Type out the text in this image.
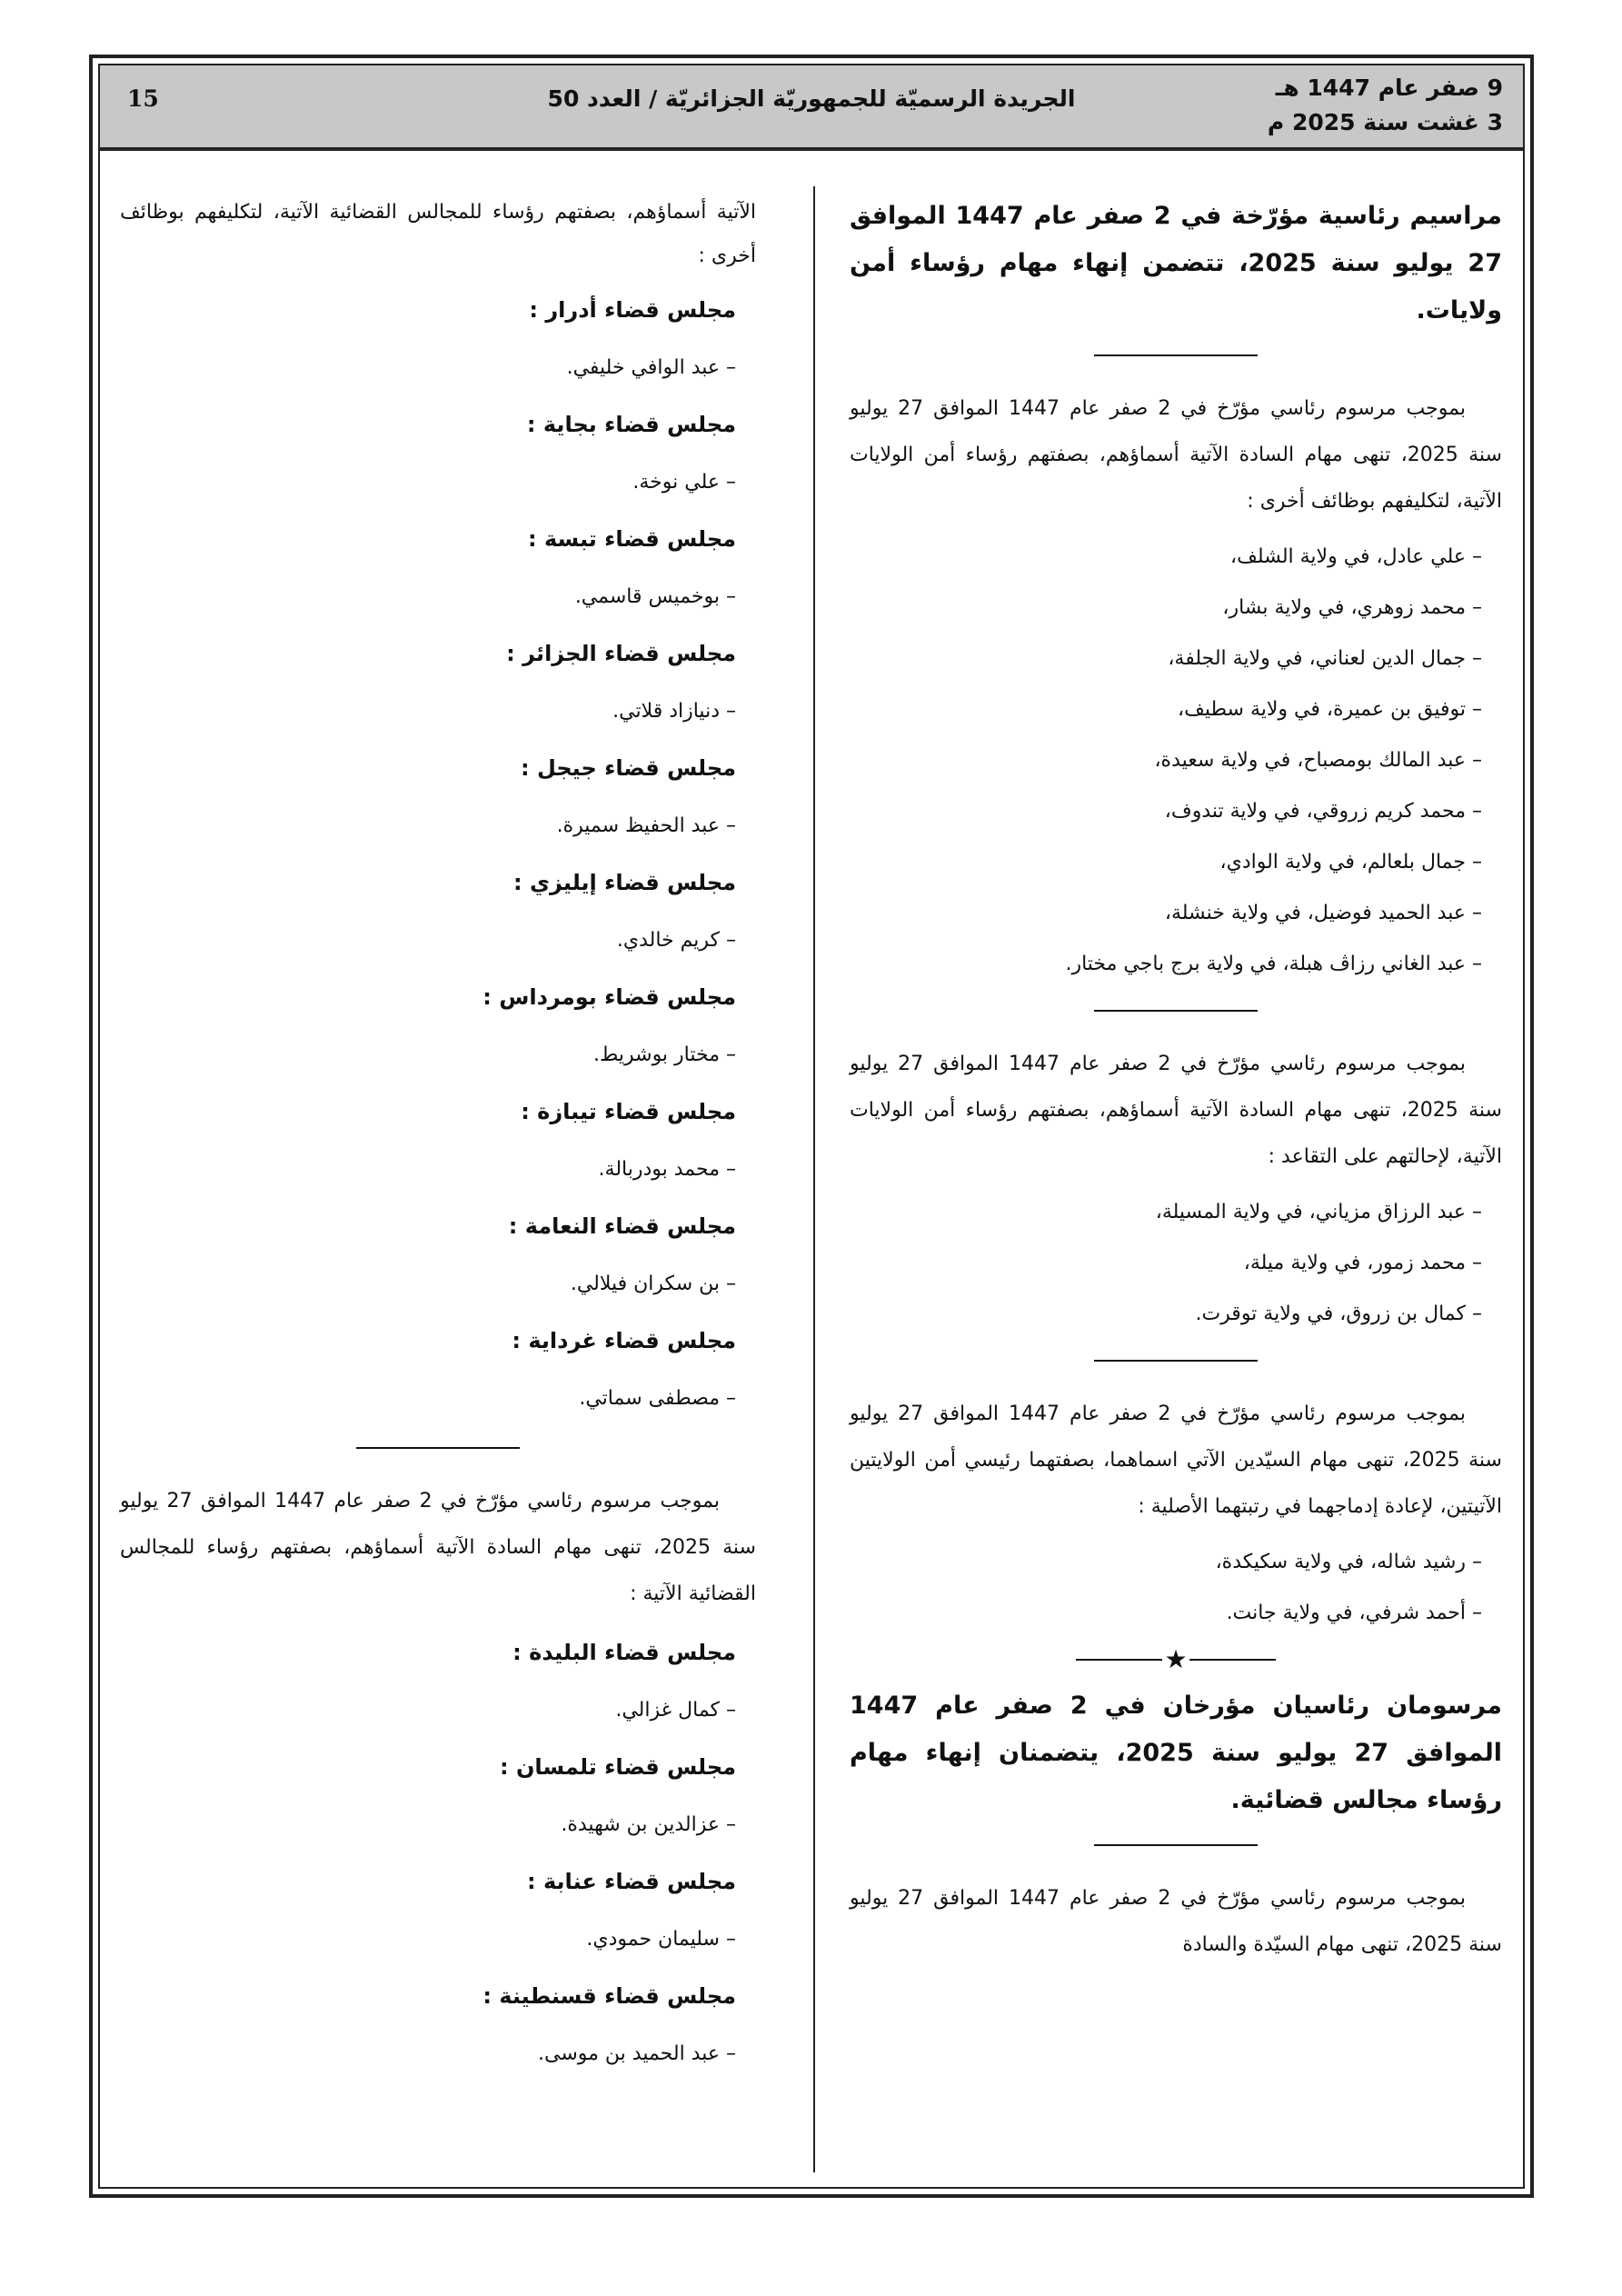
9 صفر عام 1447 هـ
3 غشت سنة 2025 م
الجريدة الرسميّة للجمهوريّة الجزائريّة / العدد 50
15

مراسيم رئاسية مؤرّخة في 2 صفر عام 1447 الموافق 27 يوليو سنة 2025، تتضمن إنهاء مهام رؤساء أمن ولايات.

بموجب مرسوم رئاسي مؤرّخ في 2 صفر عام 1447 الموافق 27 يوليو سنة 2025، تنهى مهام السادة الآتية أسماؤهم، بصفتهم رؤساء أمن الولايات الآتية، لتكليفهم بوظائف أخرى :

– علي عادل، في ولاية الشلف،

– محمد زوهري، في ولاية بشار،

– جمال الدين لعناني، في ولاية الجلفة،

– توفيق بن عميرة، في ولاية سطيف،

– عبد المالك بومصباح، في ولاية سعيدة،

– محمد كريم زروقي، في ولاية تندوف،

– جمال بلعالم، في ولاية الوادي،

– عبد الحميد فوضيل، في ولاية خنشلة،

– عبد الغاني رزاڤ هبلة، في ولاية برج باجي مختار.

بموجب مرسوم رئاسي مؤرّخ في 2 صفر عام 1447 الموافق 27 يوليو سنة 2025، تنهى مهام السادة الآتية أسماؤهم، بصفتهم رؤساء أمن الولايات الآتية، لإحالتهم على التقاعد :

– عبد الرزاق مزياني، في ولاية المسيلة،

– محمد زمور، في ولاية ميلة،

– كمال بن زروق، في ولاية توقرت.

بموجب مرسوم رئاسي مؤرّخ في 2 صفر عام 1447 الموافق 27 يوليو سنة 2025، تنهى مهام السيّدين الآتي اسماهما، بصفتهما رئيسي أمن الولايتين الآتيتين، لإعادة إدماجهما في رتبتهما الأصلية :

– رشيد شاله، في ولاية سكيكدة،

– أحمد شرفي، في ولاية جانت.

★

مرسومان رئاسيان مؤرخان في 2 صفر عام 1447 الموافق 27 يوليو سنة 2025، يتضمنان إنهاء مهام رؤساء مجالس قضائية.

بموجب مرسوم رئاسي مؤرّخ في 2 صفر عام 1447 الموافق 27 يوليو سنة 2025، تنهى مهام السيّدة والسادة

الآتية أسماؤهم، بصفتهم رؤساء للمجالس القضائية الآتية، لتكليفهم بوظائف أخرى :

مجلس قضاء أدرار :

– عبد الوافي خليفي.

مجلس قضاء بجاية :

– علي نوخة.

مجلس قضاء تبسة :

– بوخميس قاسمي.

مجلس قضاء الجزائر :

– دنيازاد قلاتي.

مجلس قضاء جيجل :

– عبد الحفيظ سميرة.

مجلس قضاء إيليزي :

– كريم خالدي.

مجلس قضاء بومرداس :

– مختار بوشريط.

مجلس قضاء تيبازة :

– محمد بودربالة.

مجلس قضاء النعامة :

– بن سكران فيلالي.

مجلس قضاء غرداية :

– مصطفى سماتي.

بموجب مرسوم رئاسي مؤرّخ في 2 صفر عام 1447 الموافق 27 يوليو سنة 2025، تنهى مهام السادة الآتية أسماؤهم، بصفتهم رؤساء للمجالس القضائية الآتية :

مجلس قضاء البليدة :

– كمال غزالي.

مجلس قضاء تلمسان :

– عزالدين بن شهيدة.

مجلس قضاء عنابة :

– سليمان حمودي.

مجلس قضاء قسنطينة :

– عبد الحميد بن موسى.
